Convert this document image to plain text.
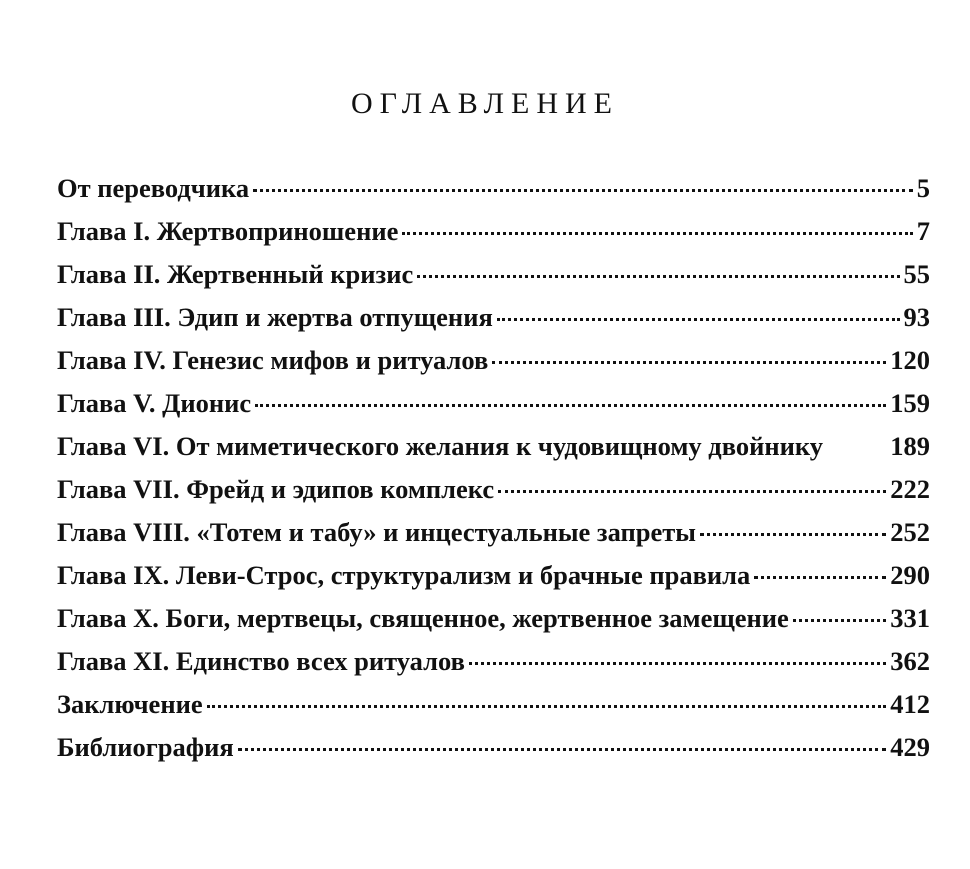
ОГЛАВЛЕНИЕ
От переводчика	5
Глава I. Жертвоприношение	7
Глава II. Жертвенный кризис	55
Глава III. Эдип и жертва отпущения	93
Глава IV. Генезис мифов и ритуалов	120
Глава V. Дионис	159
Глава VI. От миметического желания к чудовищному двойнику	189
Глава VII. Фрейд и эдипов комплекс	222
Глава VIII. «Тотем и табу» и инцестуальные запреты	252
Глава IX. Леви-Строс, структурализм и брачные правила	290
Глава X. Боги, мертвецы, священное, жертвенное замещение	331
Глава XI. Единство всех ритуалов	362
Заключение	412
Библиография	429
